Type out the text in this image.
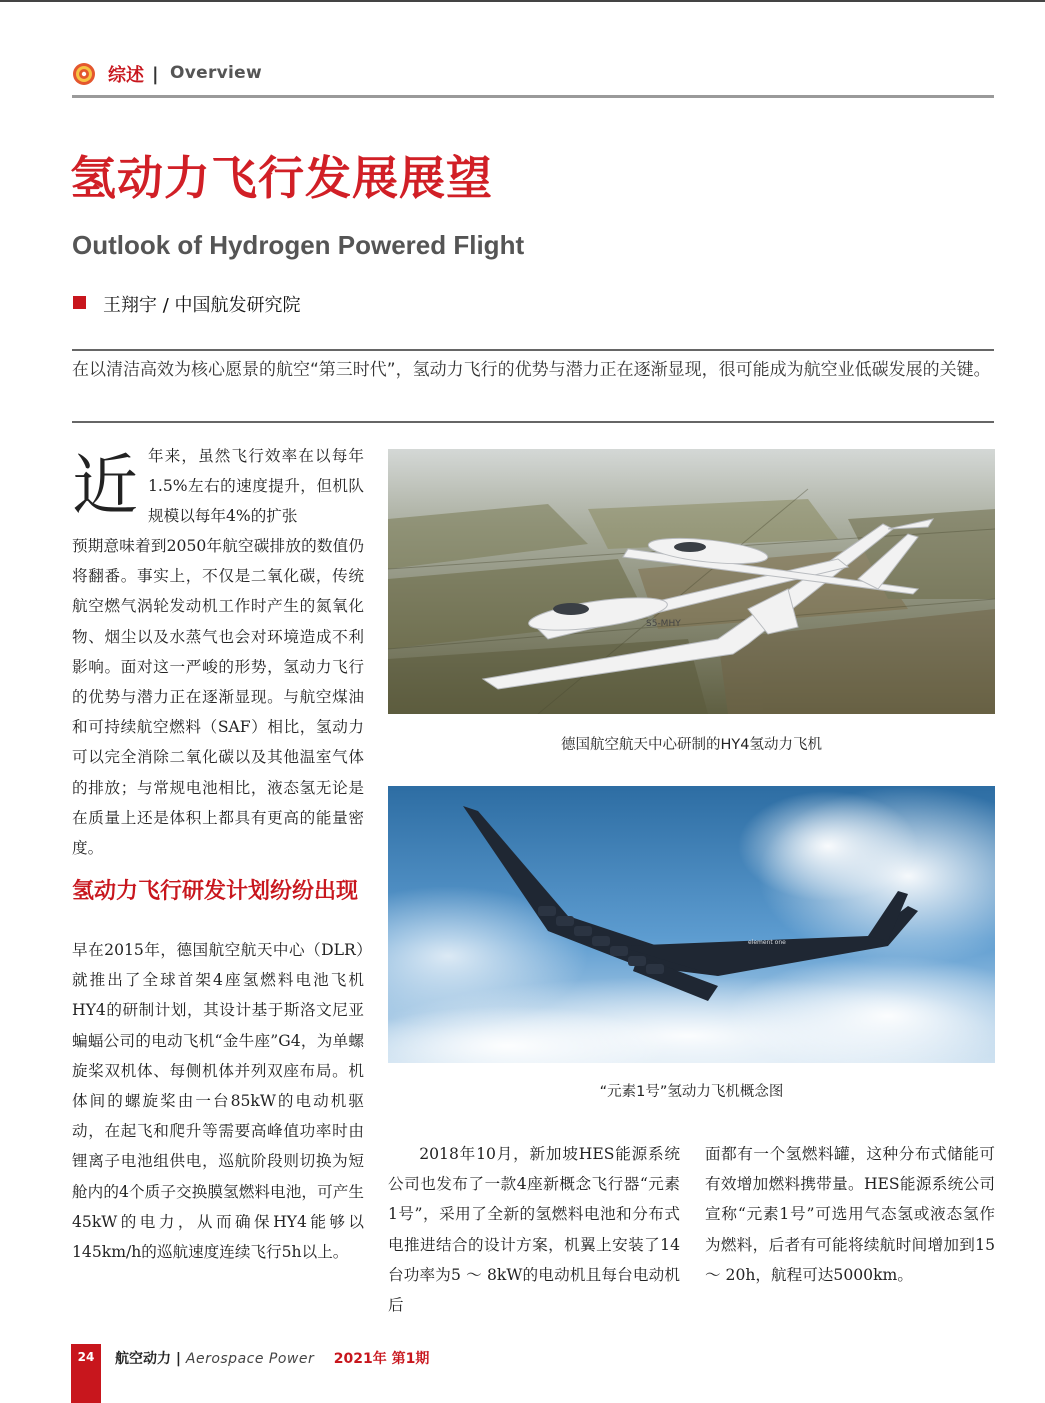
综述 | Overview
氢动力飞行发展展望
Outlook of Hydrogen Powered Flight
王翔宇 / 中国航发研究院

在以清洁高效为核心愿景的航空“第三时代”，氢动力飞行的优势与潜力正在逐渐显现，很可能成为航空业低碳发展的关键。

近 年来，虽然飞行效率在以每年1.5%左右的速度提升，但机队规模以每年4%的扩张

预期意味着到2050年航空碳排放的数值仍将翻番。事实上，不仅是二氧化碳，传统航空燃气涡轮发动机工作时产生的氮氧化物、烟尘以及水蒸气也会对环境造成不利影响。面对这一严峻的形势，氢动力飞行的优势与潜力正在逐渐显现。与航空煤油和可持续航空燃料（SAF）相比，氢动力可以完全消除二氧化碳以及其他温室气体的排放；与常规电池相比，液态氢无论是在质量上还是体积上都具有更高的能量密度。

氢动力飞行研发计划纷纷出现

早在2015年，德国航空航天中心（DLR）就推出了全球首架4座氢燃料电池飞机HY4的研制计划，其设计基于斯洛文尼亚蝙蝠公司的电动飞机“金牛座”G4，为单螺旋桨双机体、每侧机体并列双座布局。机体间的螺旋桨由一台85kW的电动机驱动，在起飞和爬升等需要高峰值功率时由锂离子电池组供电，巡航阶段则切换为短舱内的4个质子交换膜氢燃料电池，可产生45kW的电力，从而确保HY4能够以145km/h的巡航速度连续飞行5h以上。

S5-MHY
德国航空航天中心研制的HY4氢动力飞机
element one
“元素1号”氢动力飞机概念图

2018年10月，新加坡HES能源系统公司也发布了一款4座新概念飞行器“元素1号”，采用了全新的氢燃料电池和分布式电推进结合的设计方案，机翼上安装了14台功率为5 ～ 8kW的电动机且每台电动机后

面都有一个氢燃料罐，这种分布式储能可有效增加燃料携带量。HES能源系统公司宣称“元素1号”可选用气态氢或液态氢作为燃料，后者有可能将续航时间增加到15 ～ 20h，航程可达5000km。

24	航空动力 | Aerospace Power 2021年 第1期
